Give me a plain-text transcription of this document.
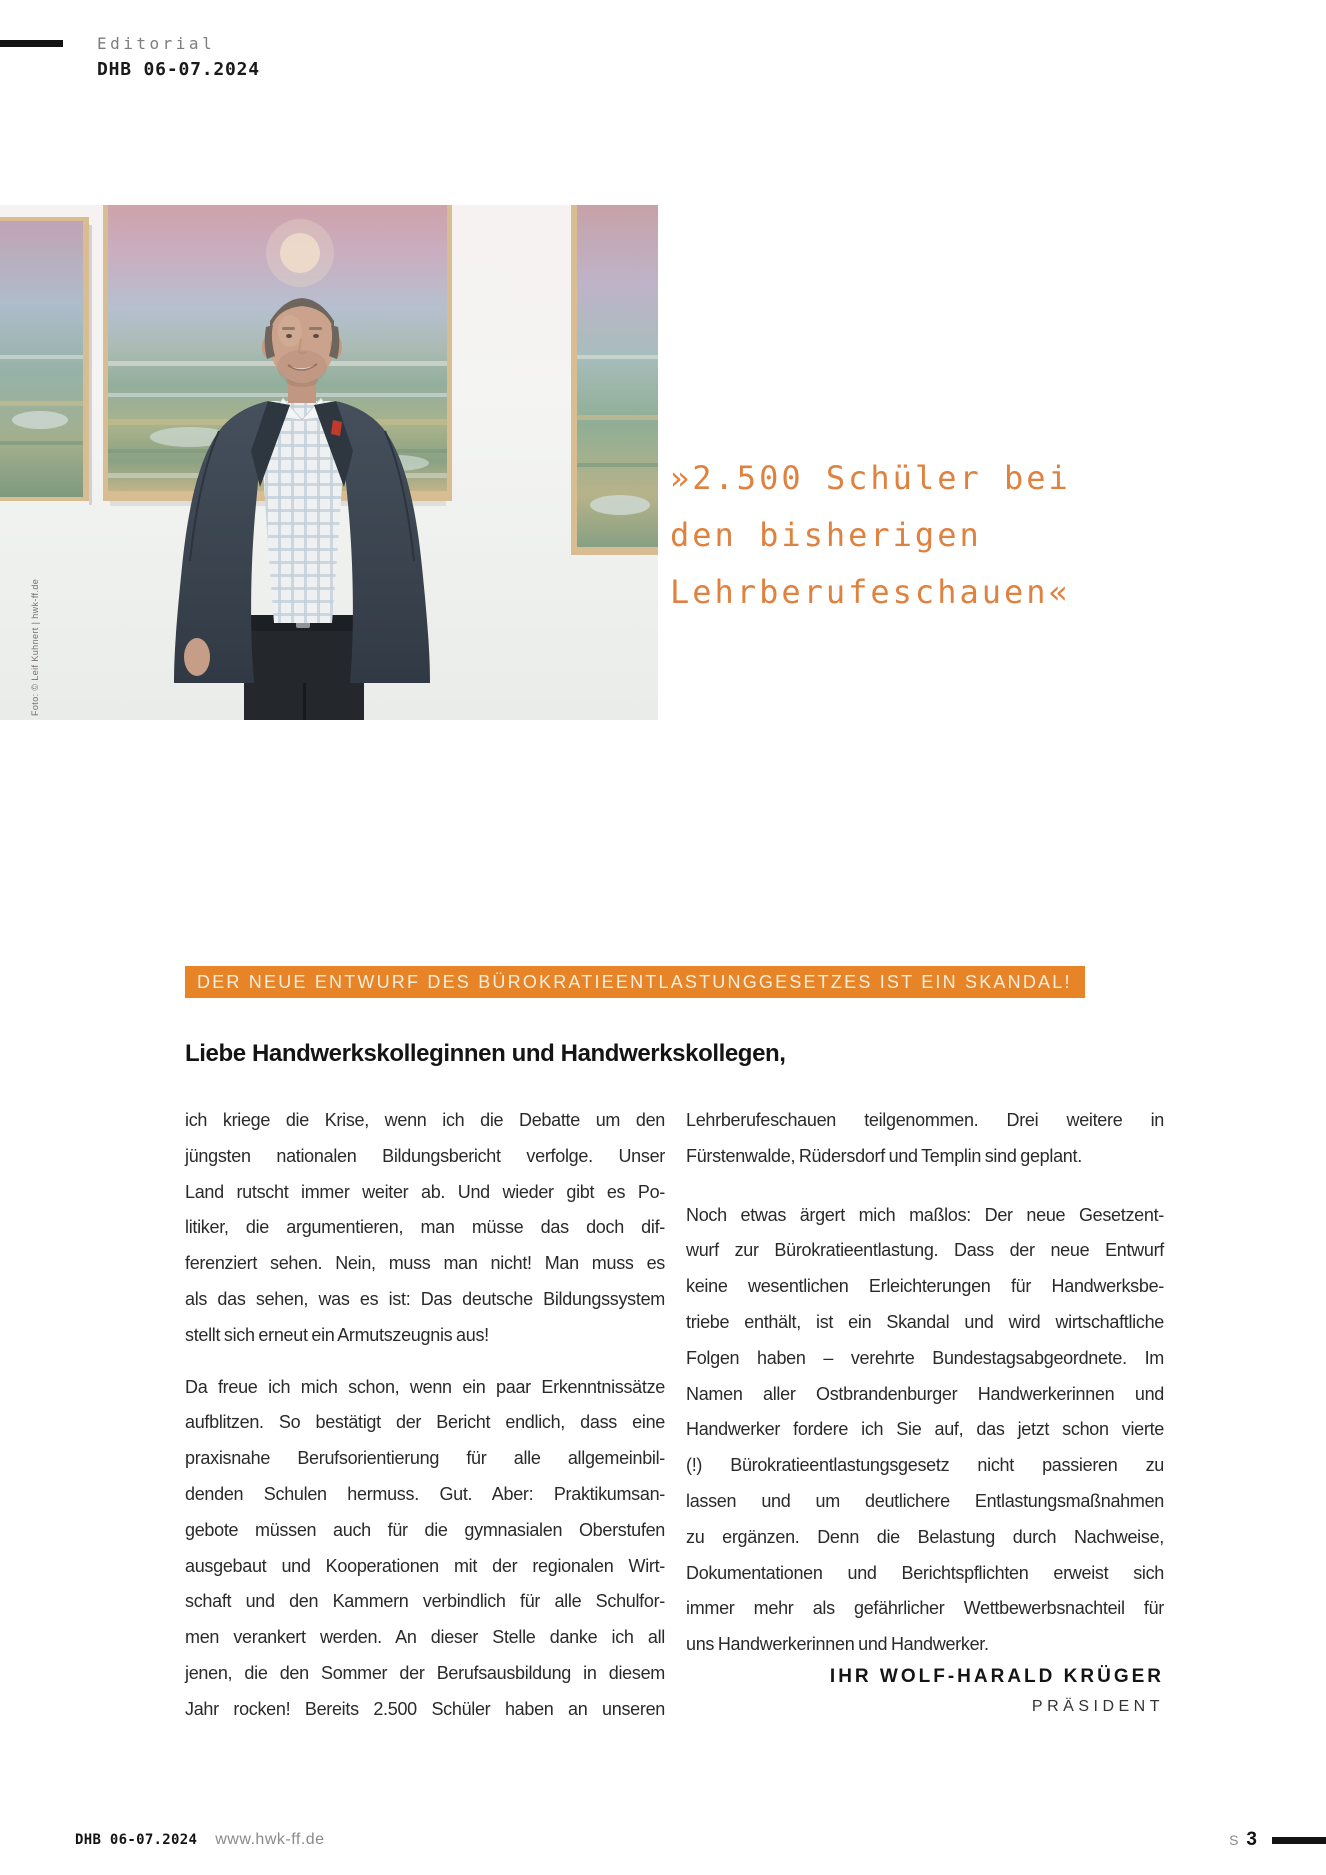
Editorial
DHB 06-07.2024
Foto: © Leif Kuhnert | hwk-ff.de
»2.500 Schüler bei
den bisherigen
Lehrberufeschauen«
DER NEUE ENTWURF DES BÜROKRATIEENTLASTUNGGESETZES IST EIN SKANDAL!
Liebe Handwerkskolleginnen und Handwerkskollegen,
ich kriege die Krise, wenn ich die Debatte um den
jüngsten nationalen Bildungsbericht verfolge. Unser
Land rutscht immer weiter ab. Und wieder gibt es Po-
litiker, die argumentieren, man müsse das doch dif-
ferenziert sehen. Nein, muss man nicht! Man muss es
als das sehen, was es ist: Das deutsche Bildungssystem
stellt sich erneut ein Armutszeugnis aus!
Da freue ich mich schon, wenn ein paar Erkenntnissätze
aufblitzen. So bestätigt der Bericht endlich, dass eine
praxisnahe Berufsorientierung für alle allgemeinbil-
denden Schulen hermuss. Gut. Aber: Praktikumsan-
gebote müssen auch für die gymnasialen Oberstufen
ausgebaut und Kooperationen mit der regionalen Wirt-
schaft und den Kammern verbindlich für alle Schulfor-
men verankert werden. An dieser Stelle danke ich all
jenen, die den Sommer der Berufsausbildung in diesem
Jahr rocken! Bereits 2.500 Schüler haben an unseren
Lehrberufeschauen teilgenommen. Drei weitere in
Fürstenwalde, Rüdersdorf und Templin sind geplant.
Noch etwas ärgert mich maßlos: Der neue Gesetzent-
wurf zur Bürokratieentlastung. Dass der neue Entwurf
keine wesentlichen Erleichterungen für Handwerksbe-
triebe enthält, ist ein Skandal und wird wirtschaftliche
Folgen haben – verehrte Bundestagsabgeordnete. Im
Namen aller Ostbrandenburger Handwerkerinnen und
Handwerker fordere ich Sie auf, das jetzt schon vierte
(!) Bürokratieentlastungsgesetz nicht passieren zu
lassen und um deutlichere Entlastungsmaßnahmen
zu ergänzen. Denn die Belastung durch Nachweise,
Dokumentationen und Berichtspflichten erweist sich
immer mehr als gefährlicher Wettbewerbsnachteil für
uns Handwerkerinnen und Handwerker.
IHR WOLF-HARALD KRÜGER
PRÄSIDENT
DHB 06-07.2024 www.hwk-ff.de	S 3
